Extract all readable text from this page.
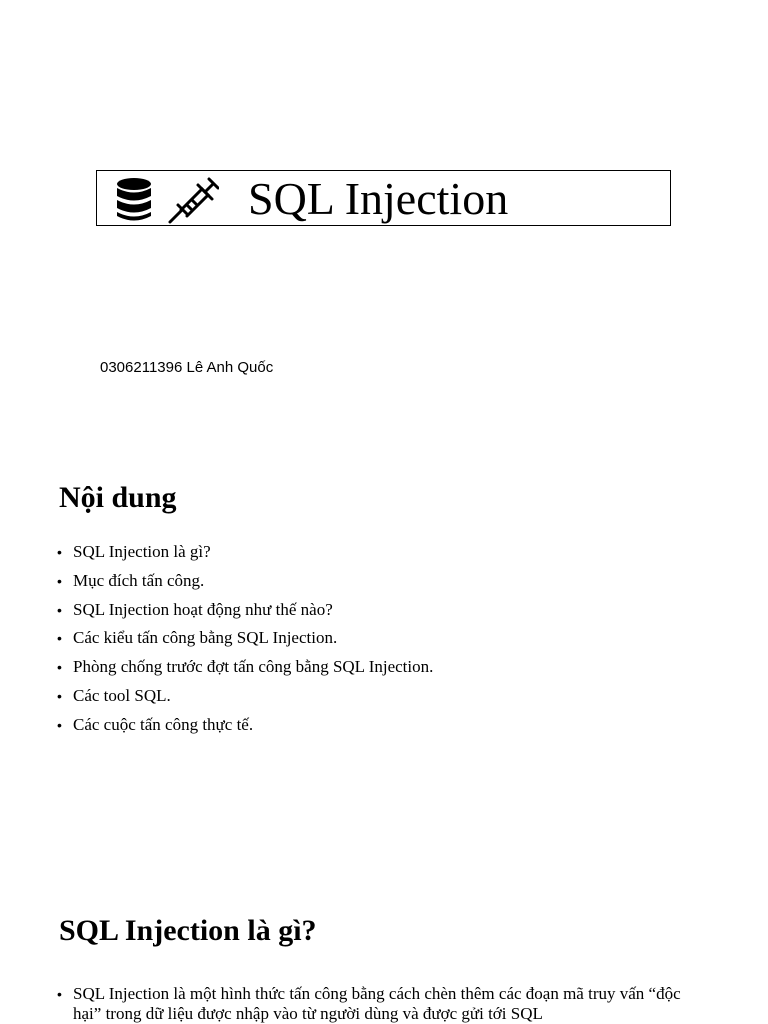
SQL Injection
0306211396 Lê Anh Quốc
Nội dung
• SQL Injection là gì?
• Mục đích tấn công.
• SQL Injection hoạt động như thế nào?
• Các kiểu tấn công bằng SQL Injection.
• Phòng chống trước đợt tấn công bằng SQL Injection.
• Các tool SQL.
• Các cuộc tấn công thực tế.
SQL Injection là gì?
• SQL Injection là một hình thức tấn công bằng cách chèn thêm các đoạn mã truy vấn “độc hại” trong dữ liệu được nhập vào từ người dùng và được gửi tới SQL
